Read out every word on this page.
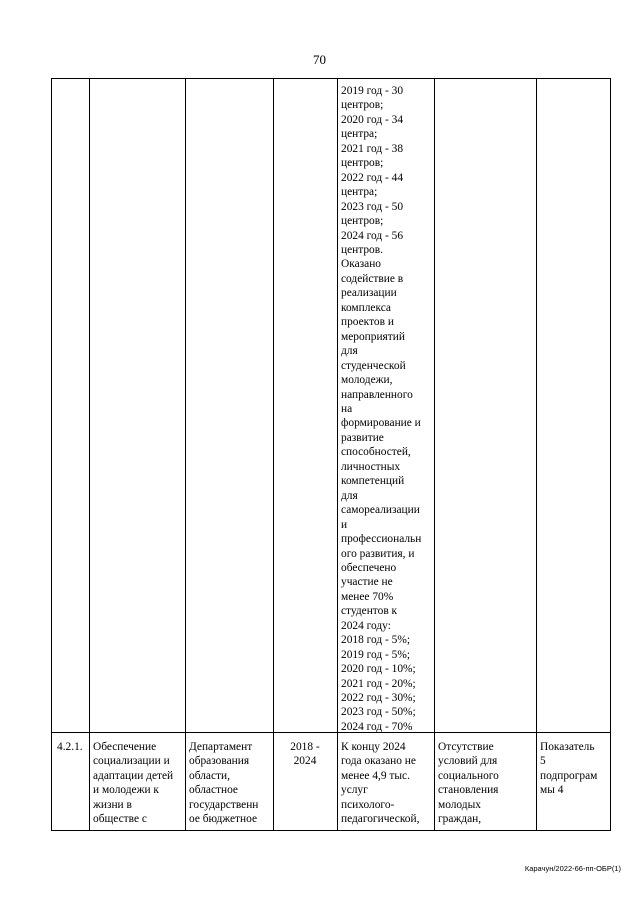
70
2019 год - 30
центров;
2020 год - 34
центра;
2021 год - 38
центров;
2022 год - 44
центра;
2023 год - 50
центров;
2024 год - 56
центров.
Оказано
содействие в
реализации
комплекса
проектов и
мероприятий
для
студенческой
молодежи,
направленного
на
формирование и
развитие
способностей,
личностных
компетенций
для
самореализации
и
профессиональн
ого развития, и
обеспечено
участие не
менее 70%
студентов к
2024 году:
2018 год - 5%;
2019 год - 5%;
2020 год - 10%;
2021 год - 20%;
2022 год - 30%;
2023 год - 50%;
2024 год - 70%
4.2.1. Обеспечение
социализации и
адаптации детей
и молодежи к
жизни в
обществе с
Департамент
образования
области,
областное
государственн
ое бюджетное
2018 -
2024
К концу 2024
года оказано не
менее 4,9 тыс.
услуг
психолого-
педагогической,
Отсутствие
условий для
социального
становления
молодых
граждан,
Показатель
5
подпрограм
мы 4
Карачун/2022-66-пп-ОБР(1)
